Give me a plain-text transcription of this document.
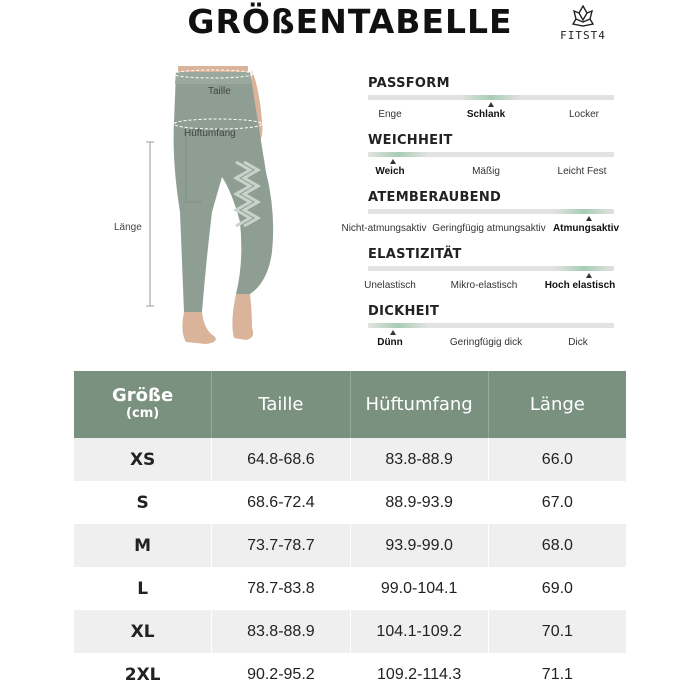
GRÖßENTABELLE	FITST4
Taille
Hüftumfang
Länge
PASSFORM
Enge	Schlank	Locker
WEICHHEIT
Weich	Mäßig	Leicht Fest
ATEMBERAUBEND
Nicht-atmungsaktiv Geringfügig atmungsaktiv Atmungsaktiv
ELASTIZITÄT
Unelastisch	Mikro-elastisch	Hoch elastisch
DICKHEIT
Dünn	Geringfügig dick	Dick
Größe
(cm)	Taille	Hüftumfang	Länge
XS	64.8-68.6	83.8-88.9	66.0
S	68.6-72.4	88.9-93.9	67.0
M	73.7-78.7	93.9-99.0	68.0
L	78.7-83.8	99.0-104.1	69.0
XL	83.8-88.9	104.1-109.2	70.1
2XL	90.2-95.2	109.2-114.3	71.1
